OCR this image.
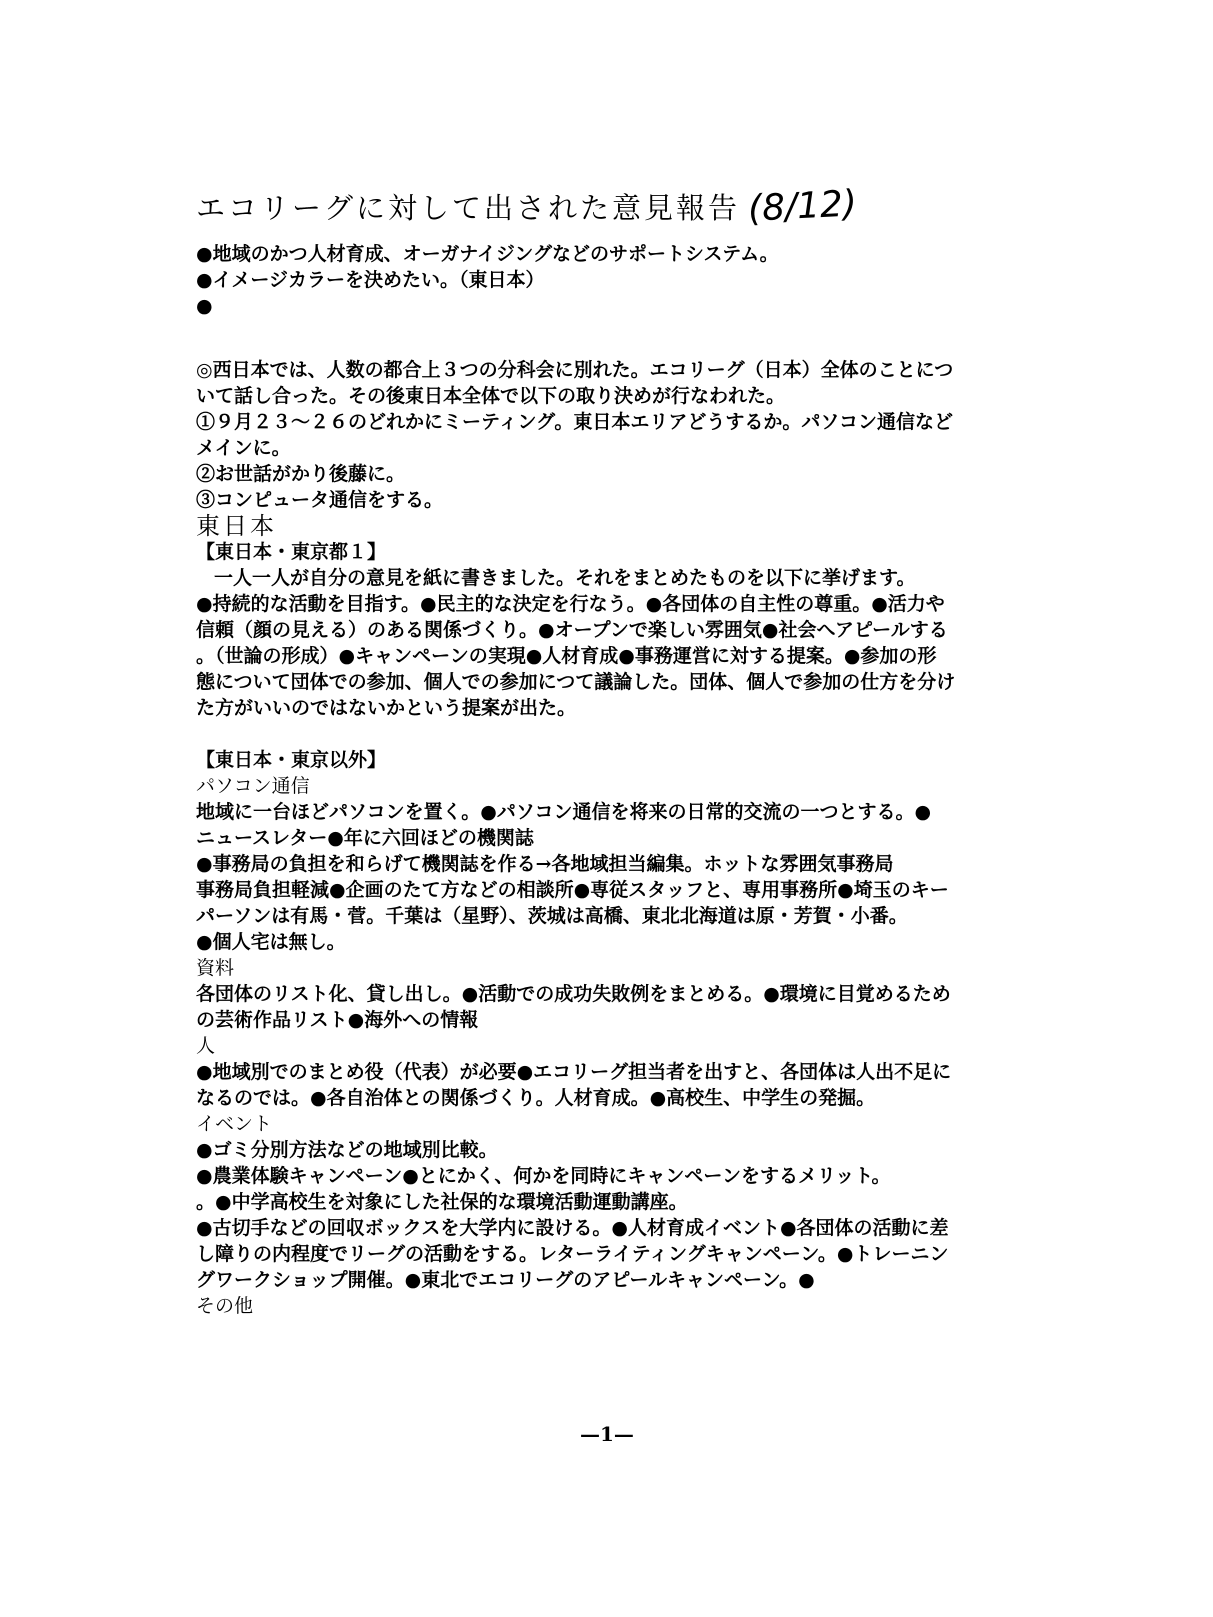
エコリーグに対して出された意見報告 (8/12)
●地域のかつ人材育成、オーガナイジングなどのサポートシステム。
●イメージカラーを決めたい。（東日本）
●
◎西日本では、人数の都合上３つの分科会に別れた。エコリーグ（日本）全体のことにつ
いて話し合った。その後東日本全体で以下の取り決めが行なわれた。
①９月２３〜２６のどれかにミーティング。東日本エリアどうするか。パソコン通信など
メインに。
②お世話がかり後藤に。
③コンピュータ通信をする。
東日本
【東日本・東京都１】
一人一人が自分の意見を紙に書きました。それをまとめたものを以下に挙げます。
●持続的な活動を目指す。●民主的な決定を行なう。●各団体の自主性の尊重。●活力や
信頼（顔の見える）のある関係づくり。●オープンで楽しい雰囲気●社会へアピールする
。（世論の形成）●キャンペーンの実現●人材育成●事務運営に対する提案。●参加の形
態について団体での参加、個人での参加につて議論した。団体、個人で参加の仕方を分け
た方がいいのではないかという提案が出た。
【東日本・東京以外】
パソコン通信
地域に一台ほどパソコンを置く。●パソコン通信を将来の日常的交流の一つとする。●
ニュースレター●年に六回ほどの機関誌
●事務局の負担を和らげて機関誌を作る→各地域担当編集。ホットな雰囲気事務局
事務局負担軽減●企画のたて方などの相談所●専従スタッフと、専用事務所●埼玉のキー
パーソンは有馬・菅。千葉は（星野）、茨城は高橋、東北北海道は原・芳賀・小番。
●個人宅は無し。
資料
各団体のリスト化、貸し出し。●活動での成功失敗例をまとめる。●環境に目覚めるため
の芸術作品リスト●海外への情報
人
●地域別でのまとめ役（代表）が必要●エコリーグ担当者を出すと、各団体は人出不足に
なるのでは。●各自治体との関係づくり。人材育成。●高校生、中学生の発掘。
イベント
●ゴミ分別方法などの地域別比較。
●農業体験キャンペーン●とにかく、何かを同時にキャンペーンをするメリット。
。●中学高校生を対象にした社保的な環境活動運動講座。
●古切手などの回収ボックスを大学内に設ける。●人材育成イベント●各団体の活動に差
し障りの内程度でリーグの活動をする。レターライティングキャンペーン。●トレーニン
グワークショップ開催。●東北でエコリーグのアピールキャンペーン。●
その他
—1—
